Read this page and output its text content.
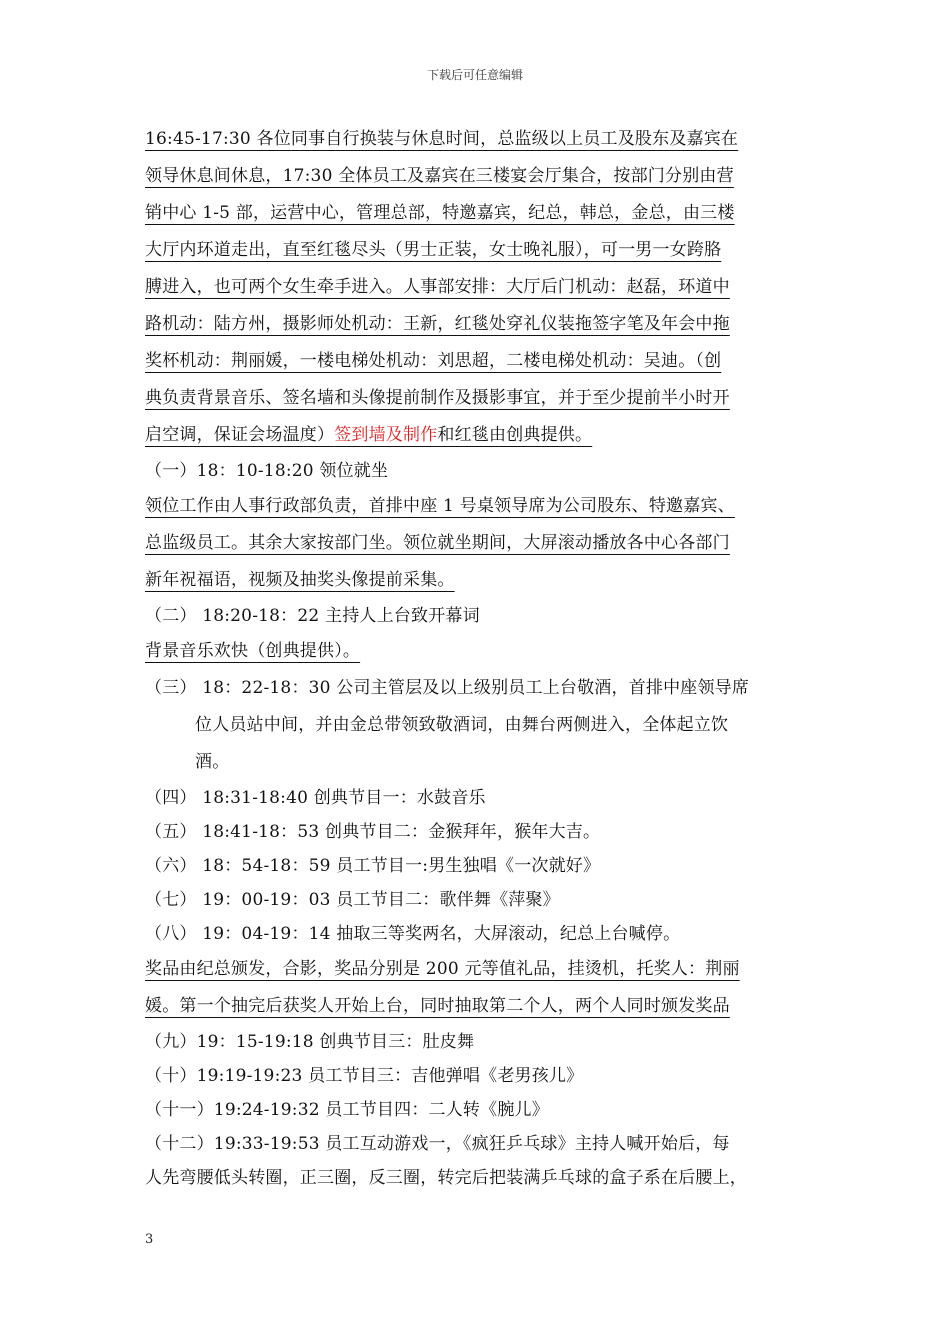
下载后可任意编辑
16:45-17:30 各位同事自行换装与休息时间，总监级以上员工及股东及嘉宾在
领导休息间休息，17:30 全体员工及嘉宾在三楼宴会厅集合，按部门分别由营
销中心 1-5 部，运营中心，管理总部，特邀嘉宾，纪总，韩总，金总，由三楼
大厅内环道走出，直至红毯尽头（男士正装，女士晚礼服），可一男一女跨胳
膊进入，也可两个女生牵手进入。人事部安排：大厅后门机动：赵磊，环道中
路机动：陆方州，摄影师处机动：王新，红毯处穿礼仪装拖签字笔及年会中拖
奖杯机动：荆丽媛，一楼电梯处机动：刘思超，二楼电梯处机动：吴迪。（创
典负责背景音乐、签名墙和头像提前制作及摄影事宜，并于至少提前半小时开
启空调，保证会场温度）签到墙及制作和红毯由创典提供。
（一）18：10-18:20 领位就坐
领位工作由人事行政部负责，首排中座 1 号桌领导席为公司股东、特邀嘉宾、
总监级员工。其余大家按部门坐。领位就坐期间，大屏滚动播放各中心各部门
新年祝福语，视频及抽奖头像提前采集。
（二） 18:20-18：22 主持人上台致开幕词
背景音乐欢快（创典提供）。
（三） 18：22-18：30 公司主管层及以上级别员工上台敬酒，首排中座领导席
位人员站中间，并由金总带领致敬酒词，由舞台两侧进入，全体起立饮
酒。
（四） 18:31-18:40 创典节目一：水鼓音乐
（五） 18:41-18：53 创典节目二：金猴拜年，猴年大吉。
（六） 18：54-18：59 员工节目一:男生独唱《一次就好》
（七） 19：00-19：03 员工节目二：歌伴舞《萍聚》
（八） 19：04-19：14 抽取三等奖两名，大屏滚动，纪总上台喊停。
奖品由纪总颁发，合影，奖品分别是 200 元等值礼品，挂烫机，托奖人：荆丽
媛。第一个抽完后获奖人开始上台，同时抽取第二个人，两个人同时颁发奖品
（九）19：15-19:18 创典节目三：肚皮舞
（十）19:19-19:23 员工节目三：吉他弹唱《老男孩儿》
（十一）19:24-19:32 员工节目四：二人转《腕儿》
（十二）19:33-19:53 员工互动游戏一，《疯狂乒乓球》主持人喊开始后，每
人先弯腰低头转圈，正三圈，反三圈，转完后把装满乒乓球的盒子系在后腰上，
3
